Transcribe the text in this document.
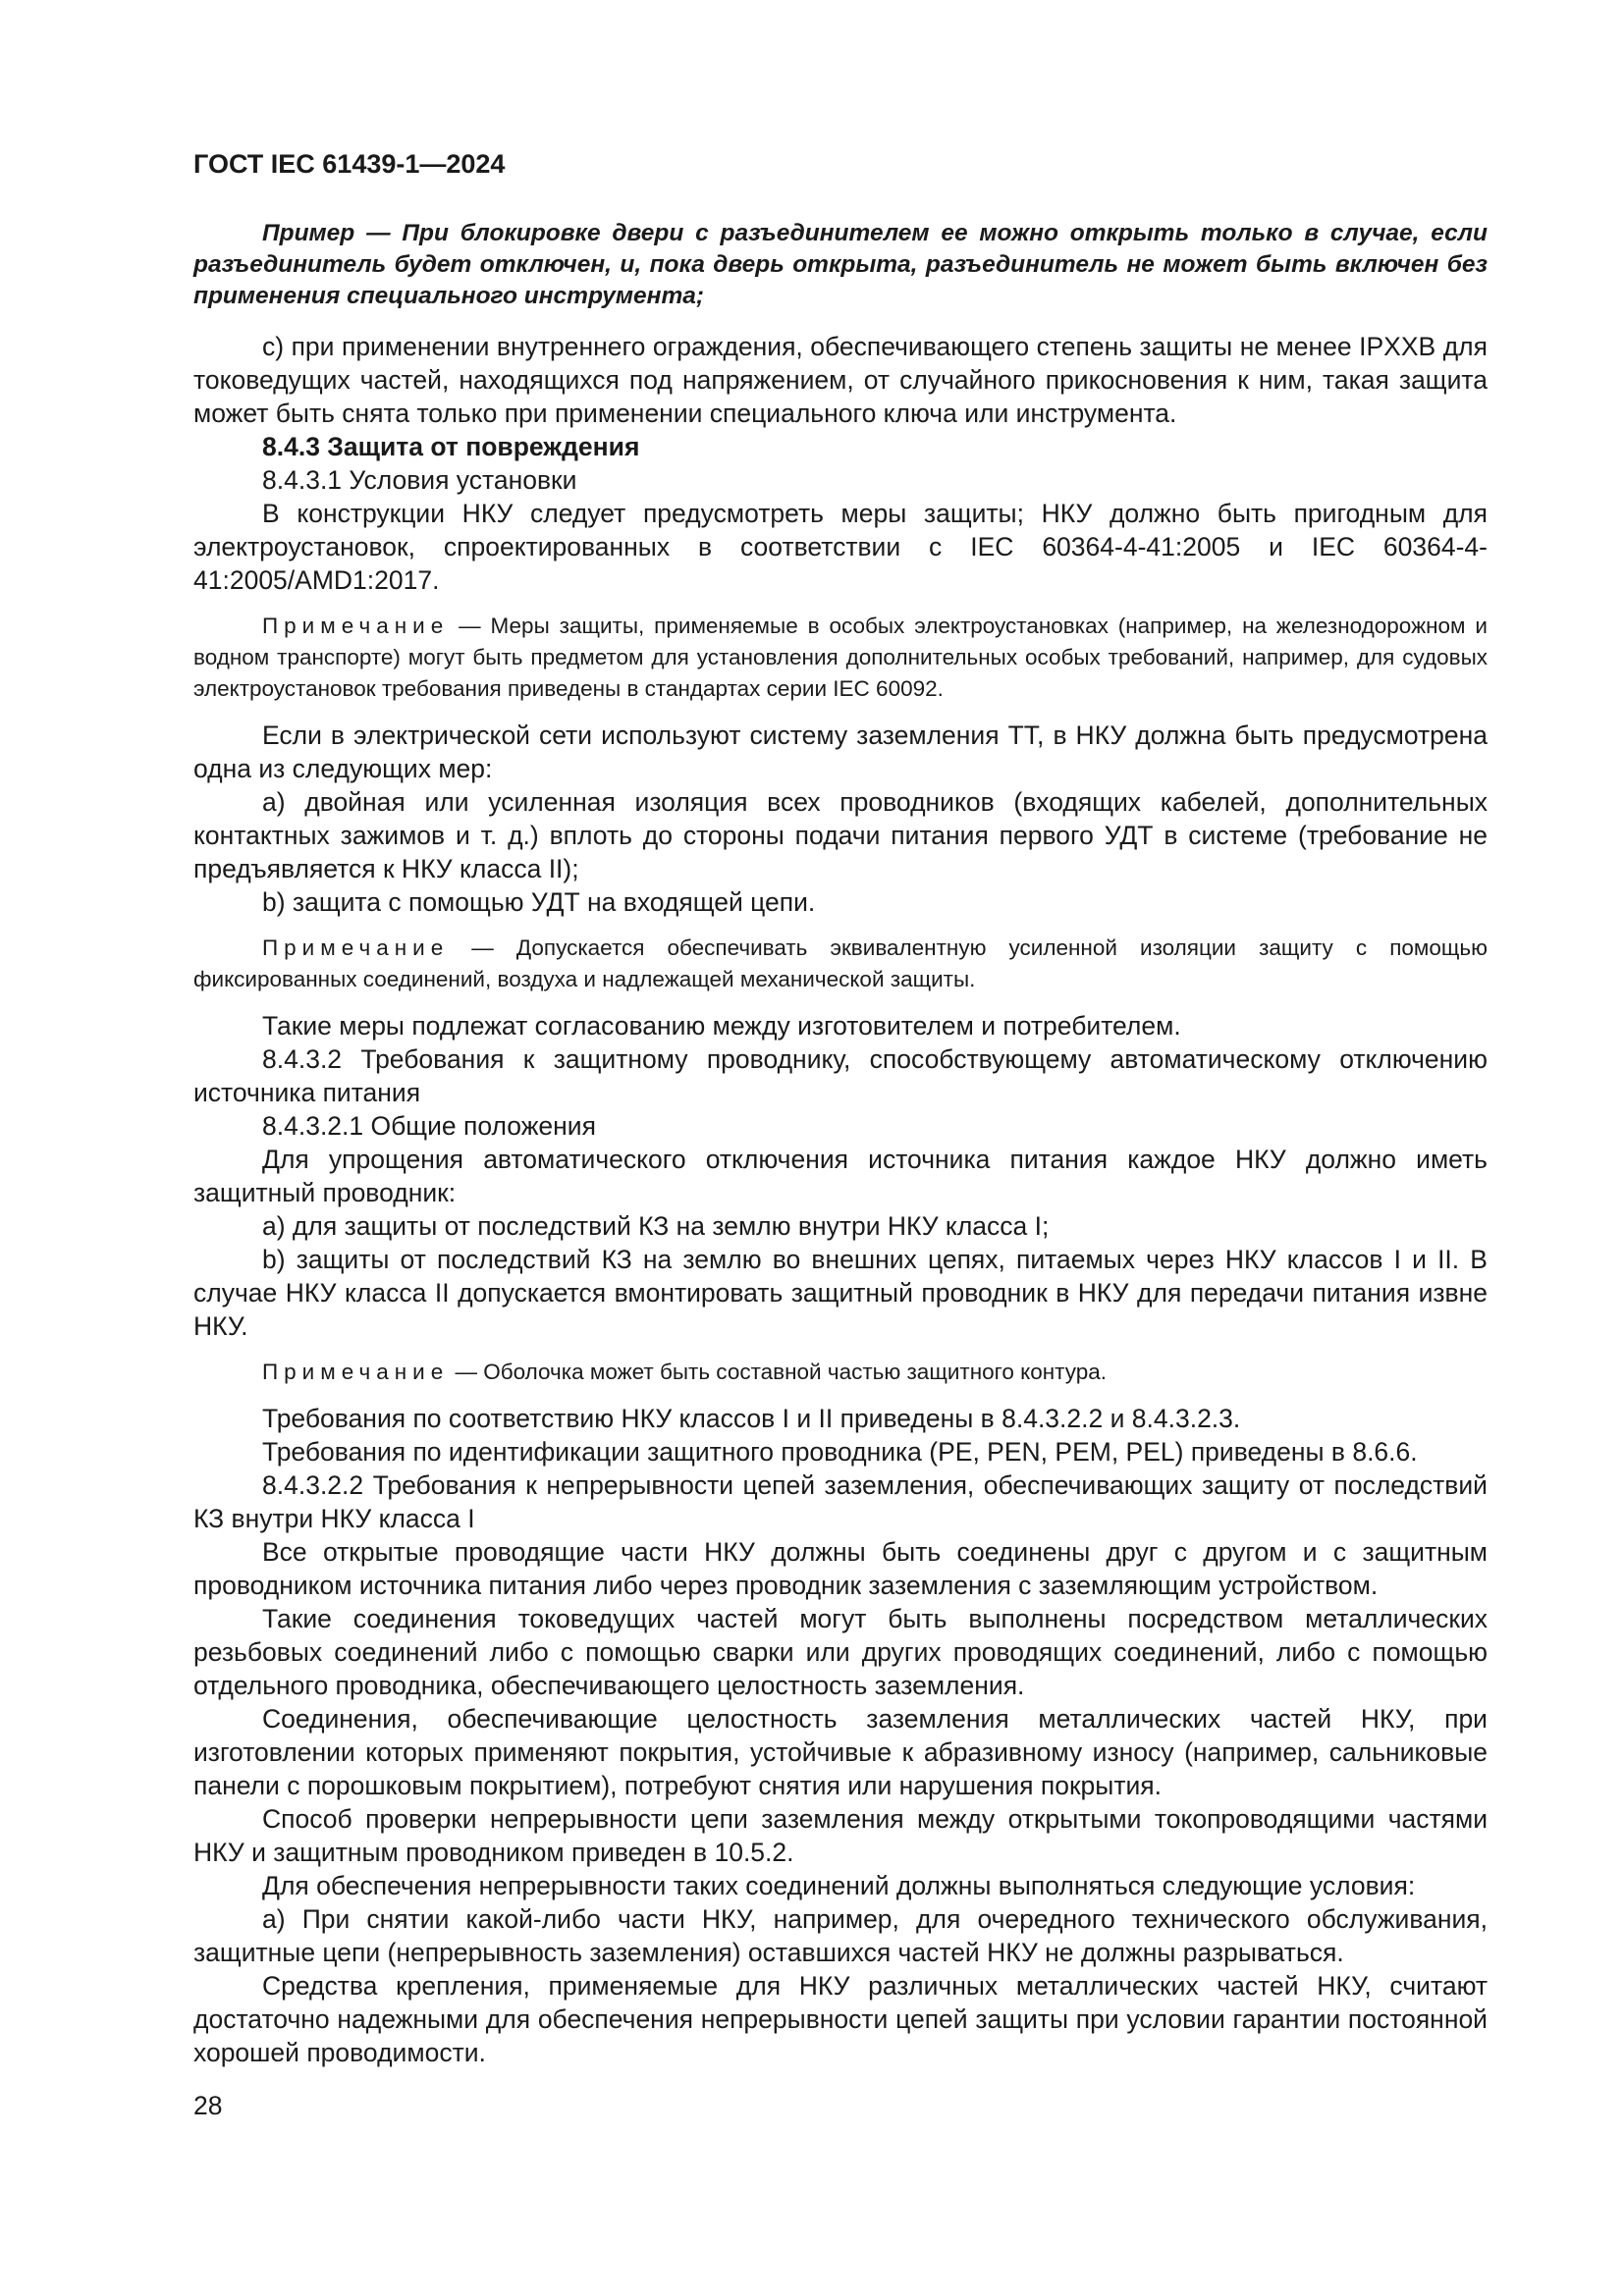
ГОСТ IEC 61439-1—2024

Пример — При блокировке двери с разъединителем ее можно открыть только в случае, если разъединитель будет отключен, и, пока дверь открыта, разъединитель не может быть включен без применения специального инструмента;

c) при применении внутреннего ограждения, обеспечивающего степень защиты не менее IPXXB для токоведущих частей, находящихся под напряжением, от случайного прикосновения к ним, такая защита может быть снята только при применении специального ключа или инструмента.

8.4.3 Защита от повреждения

8.4.3.1 Условия установки

В конструкции НКУ следует предусмотреть меры защиты; НКУ должно быть пригодным для электроустановок, спроектированных в соответствии с IEC 60364-4-41:2005 и IEC 60364-4-41:2005/AMD1:2017.

Примечание — Меры защиты, применяемые в особых электроустановках (например, на железнодорожном и водном транспорте) могут быть предметом для установления дополнительных особых требований, например, для судовых электроустановок требования приведены в стандартах серии IEC 60092.

Если в электрической сети используют систему заземления TT, в НКУ должна быть предусмотрена одна из следующих мер:

a) двойная или усиленная изоляция всех проводников (входящих кабелей, дополнительных контактных зажимов и т. д.) вплоть до стороны подачи питания первого УДТ в системе (требование не предъявляется к НКУ класса II);

b) защита с помощью УДТ на входящей цепи.

Примечание — Допускается обеспечивать эквивалентную усиленной изоляции защиту с помощью фиксированных соединений, воздуха и надлежащей механической защиты.

Такие меры подлежат согласованию между изготовителем и потребителем.

8.4.3.2 Требования к защитному проводнику, способствующему автоматическому отключению источника питания

8.4.3.2.1 Общие положения

Для упрощения автоматического отключения источника питания каждое НКУ должно иметь защитный проводник:

a) для защиты от последствий КЗ на землю внутри НКУ класса I;

b) защиты от последствий КЗ на землю во внешних цепях, питаемых через НКУ классов I и II. В случае НКУ класса II допускается вмонтировать защитный проводник в НКУ для передачи питания извне НКУ.

Примечание — Оболочка может быть составной частью защитного контура.

Требования по соответствию НКУ классов I и II приведены в 8.4.3.2.2 и 8.4.3.2.3.

Требования по идентификации защитного проводника (PE, PEN, PEM, PEL) приведены в 8.6.6.

8.4.3.2.2 Требования к непрерывности цепей заземления, обеспечивающих защиту от последствий КЗ внутри НКУ класса I

Все открытые проводящие части НКУ должны быть соединены друг с другом и с защитным проводником источника питания либо через проводник заземления с заземляющим устройством.

Такие соединения токоведущих частей могут быть выполнены посредством металлических резьбовых соединений либо с помощью сварки или других проводящих соединений, либо с помощью отдельного проводника, обеспечивающего целостность заземления.

Соединения, обеспечивающие целостность заземления металлических частей НКУ, при изготовлении которых применяют покрытия, устойчивые к абразивному износу (например, сальниковые панели с порошковым покрытием), потребуют снятия или нарушения покрытия.

Способ проверки непрерывности цепи заземления между открытыми токопроводящими частями НКУ и защитным проводником приведен в 10.5.2.

Для обеспечения непрерывности таких соединений должны выполняться следующие условия:

a) При снятии какой-либо части НКУ, например, для очередного технического обслуживания, защитные цепи (непрерывность заземления) оставшихся частей НКУ не должны разрываться.

Средства крепления, применяемые для НКУ различных металлических частей НКУ, считают достаточно надежными для обеспечения непрерывности цепей защиты при условии гарантии постоянной хорошей проводимости.

28
